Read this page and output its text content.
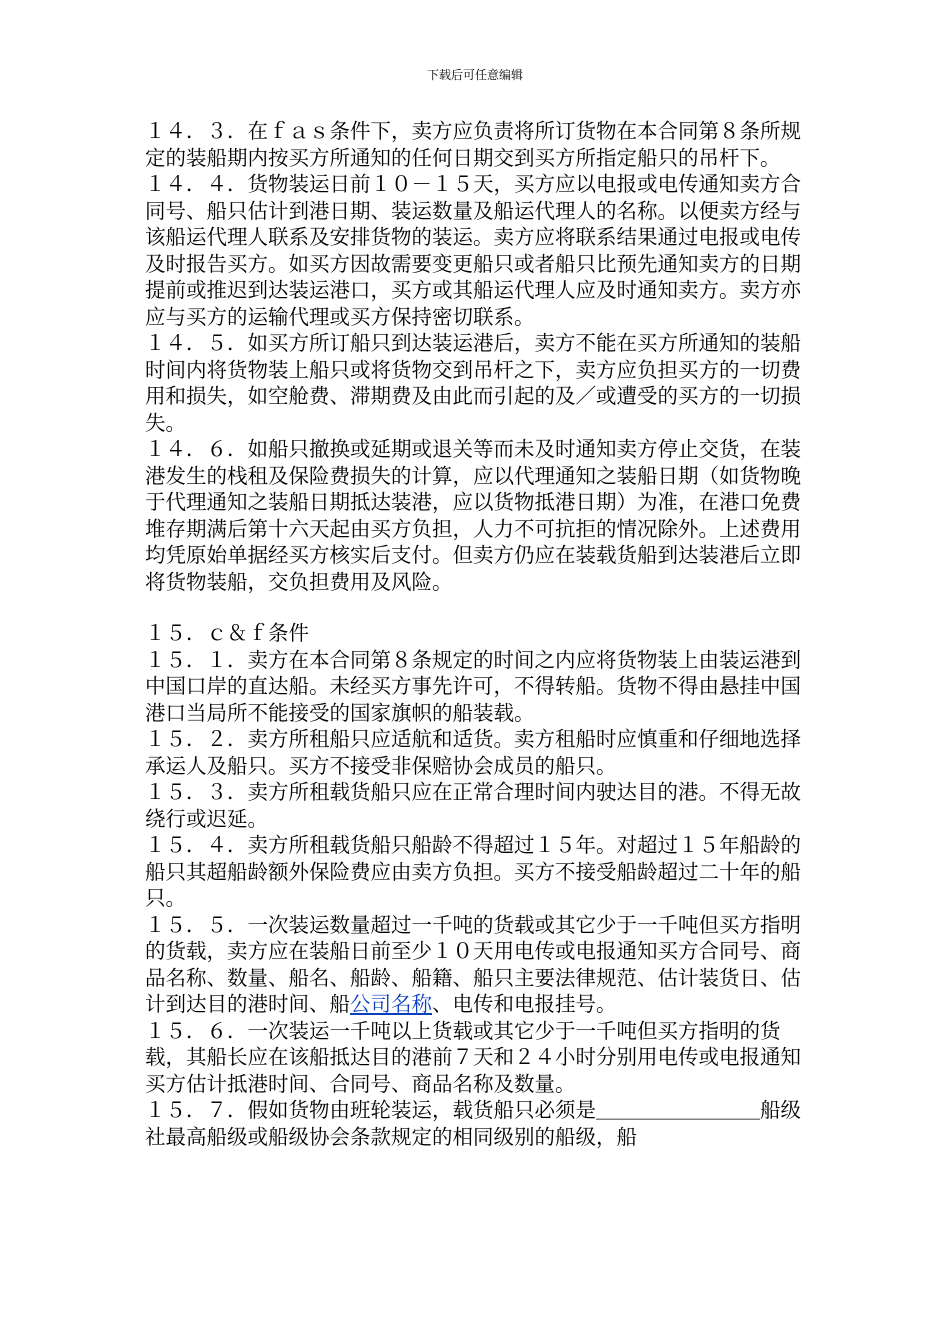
下载后可任意编辑

１４．３．在ｆａｓ条件下，卖方应负责将所订货物在本合同第８条所规定的装船期内按买方所通知的任何日期交到买方所指定船只的吊杆下。

１４．４．货物装运日前１０－１５天，买方应以电报或电传通知卖方合同号、船只估计到港日期、装运数量及船运代理人的名称。以便卖方经与该船运代理人联系及安排货物的装运。卖方应将联系结果通过电报或电传及时报告买方。如买方因故需要变更船只或者船只比预先通知卖方的日期提前或推迟到达装运港口，买方或其船运代理人应及时通知卖方。卖方亦应与买方的运输代理或买方保持密切联系。

１４．５．如买方所订船只到达装运港后，卖方不能在买方所通知的装船时间内将货物装上船只或将货物交到吊杆之下，卖方应负担买方的一切费用和损失，如空舱费、滞期费及由此而引起的及／或遭受的买方的一切损失。

１４．６．如船只撤换或延期或退关等而未及时通知卖方停止交货，在装港发生的栈租及保险费损失的计算，应以代理通知之装船日期（如货物晚于代理通知之装船日期抵达装港，应以货物抵港日期）为准，在港口免费堆存期满后第十六天起由买方负担，人力不可抗拒的情况除外。上述费用均凭原始单据经买方核实后支付。但卖方仍应在装载货船到达装港后立即将货物装船，交负担费用及风险。

１５．ｃ＆ｆ条件

１５．１．卖方在本合同第８条规定的时间之内应将货物装上由装运港到中国口岸的直达船。未经买方事先许可，不得转船。货物不得由悬挂中国港口当局所不能接受的国家旗帜的船装载。

１５．２．卖方所租船只应适航和适货。卖方租船时应慎重和仔细地选择承运人及船只。买方不接受非保赔协会成员的船只。

１５．３．卖方所租载货船只应在正常合理时间内驶达目的港。不得无故绕行或迟延。

１５．４．卖方所租载货船只船龄不得超过１５年。对超过１５年船龄的船只其超船龄额外保险费应由卖方负担。买方不接受船龄超过二十年的船只。

１５．５．一次装运数量超过一千吨的货载或其它少于一千吨但买方指明的货载，卖方应在装船日前至少１０天用电传或电报通知买方合同号、商品名称、数量、船名、船龄、船籍、船只主要法律规范、估计装货日、估计到达目的港时间、船公司名称、电传和电报挂号。

１５．６．一次装运一千吨以上货载或其它少于一千吨但买方指明的货载，其船长应在该船抵达目的港前７天和２４小时分别用电传或电报通知买方估计抵港时间、合同号、商品名称及数量。

１５．７．假如货物由班轮装运，载货船只必须是＿＿＿＿＿＿＿＿船级社最高船级或船级协会条款规定的相同级别的船级，船
